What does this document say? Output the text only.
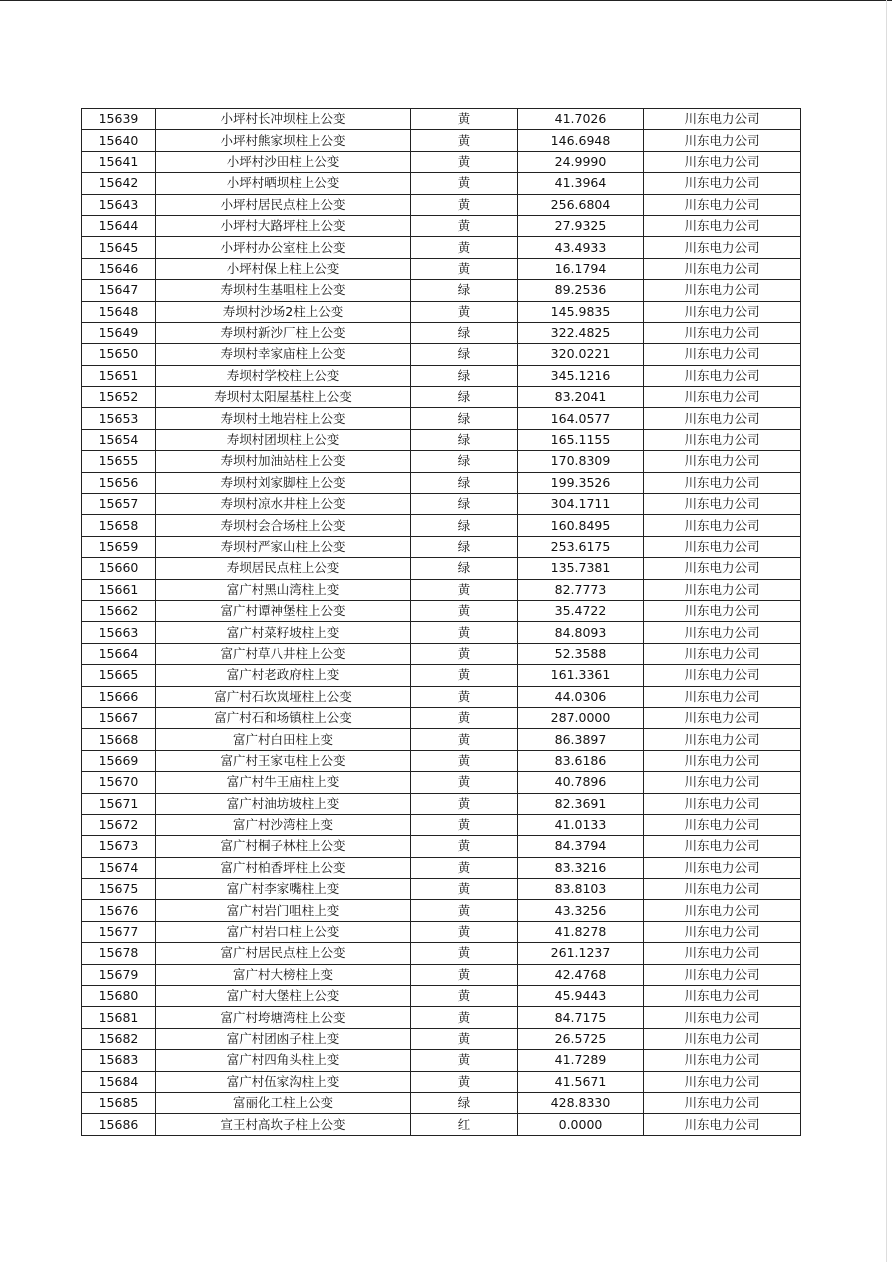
15639	小坪村长冲坝柱上公变	黄	41.7026	川东电力公司
15640	小坪村熊家坝柱上公变	黄	146.6948	川东电力公司
15641	小坪村沙田柱上公变	黄	24.9990	川东电力公司
15642	小坪村晒坝柱上公变	黄	41.3964	川东电力公司
15643	小坪村居民点柱上公变	黄	256.6804	川东电力公司
15644	小坪村大路坪柱上公变	黄	27.9325	川东电力公司
15645	小坪村办公室柱上公变	黄	43.4933	川东电力公司
15646	小坪村保上柱上公变	黄	16.1794	川东电力公司
15647	寿坝村生基咀柱上公变	绿	89.2536	川东电力公司
15648	寿坝村沙场2柱上公变	黄	145.9835	川东电力公司
15649	寿坝村新沙厂柱上公变	绿	322.4825	川东电力公司
15650	寿坝村幸家庙柱上公变	绿	320.0221	川东电力公司
15651	寿坝村学校柱上公变	绿	345.1216	川东电力公司
15652	寿坝村太阳屋基柱上公变	绿	83.2041	川东电力公司
15653	寿坝村土地岩柱上公变	绿	164.0577	川东电力公司
15654	寿坝村团坝柱上公变	绿	165.1155	川东电力公司
15655	寿坝村加油站柱上公变	绿	170.8309	川东电力公司
15656	寿坝村刘家脚柱上公变	绿	199.3526	川东电力公司
15657	寿坝村凉水井柱上公变	绿	304.1711	川东电力公司
15658	寿坝村会合场柱上公变	绿	160.8495	川东电力公司
15659	寿坝村严家山柱上公变	绿	253.6175	川东电力公司
15660	寿坝居民点柱上公变	绿	135.7381	川东电力公司
15661	富广村黑山湾柱上变	黄	82.7773	川东电力公司
15662	富广村谭神堡柱上公变	黄	35.4722	川东电力公司
15663	富广村菜籽坡柱上变	黄	84.8093	川东电力公司
15664	富广村草八井柱上公变	黄	52.3588	川东电力公司
15665	富广村老政府柱上变	黄	161.3361	川东电力公司
15666	富广村石坎岚垭柱上公变	黄	44.0306	川东电力公司
15667	富广村石和场镇柱上公变	黄	287.0000	川东电力公司
15668	富广村白田柱上变	黄	86.3897	川东电力公司
15669	富广村王家屯柱上公变	黄	83.6186	川东电力公司
15670	富广村牛王庙柱上变	黄	40.7896	川东电力公司
15671	富广村油坊坡柱上变	黄	82.3691	川东电力公司
15672	富广村沙湾柱上变	黄	41.0133	川东电力公司
15673	富广村桐子林柱上公变	黄	84.3794	川东电力公司
15674	富广村柏香坪柱上公变	黄	83.3216	川东电力公司
15675	富广村李家嘴柱上变	黄	83.8103	川东电力公司
15676	富广村岩门咀柱上变	黄	43.3256	川东电力公司
15677	富广村岩口柱上公变	黄	41.8278	川东电力公司
15678	富广村居民点柱上公变	黄	261.1237	川东电力公司
15679	富广村大榜柱上变	黄	42.4768	川东电力公司
15680	富广村大堡柱上公变	黄	45.9443	川东电力公司
15681	富广村垮塘湾柱上公变	黄	84.7175	川东电力公司
15682	富广村团凼子柱上变	黄	26.5725	川东电力公司
15683	富广村四角头柱上变	黄	41.7289	川东电力公司
15684	富广村伍家沟柱上变	黄	41.5671	川东电力公司
15685	富丽化工柱上公变	绿	428.8330	川东电力公司
15686	宣王村高坎子柱上公变	红	0.0000	川东电力公司
